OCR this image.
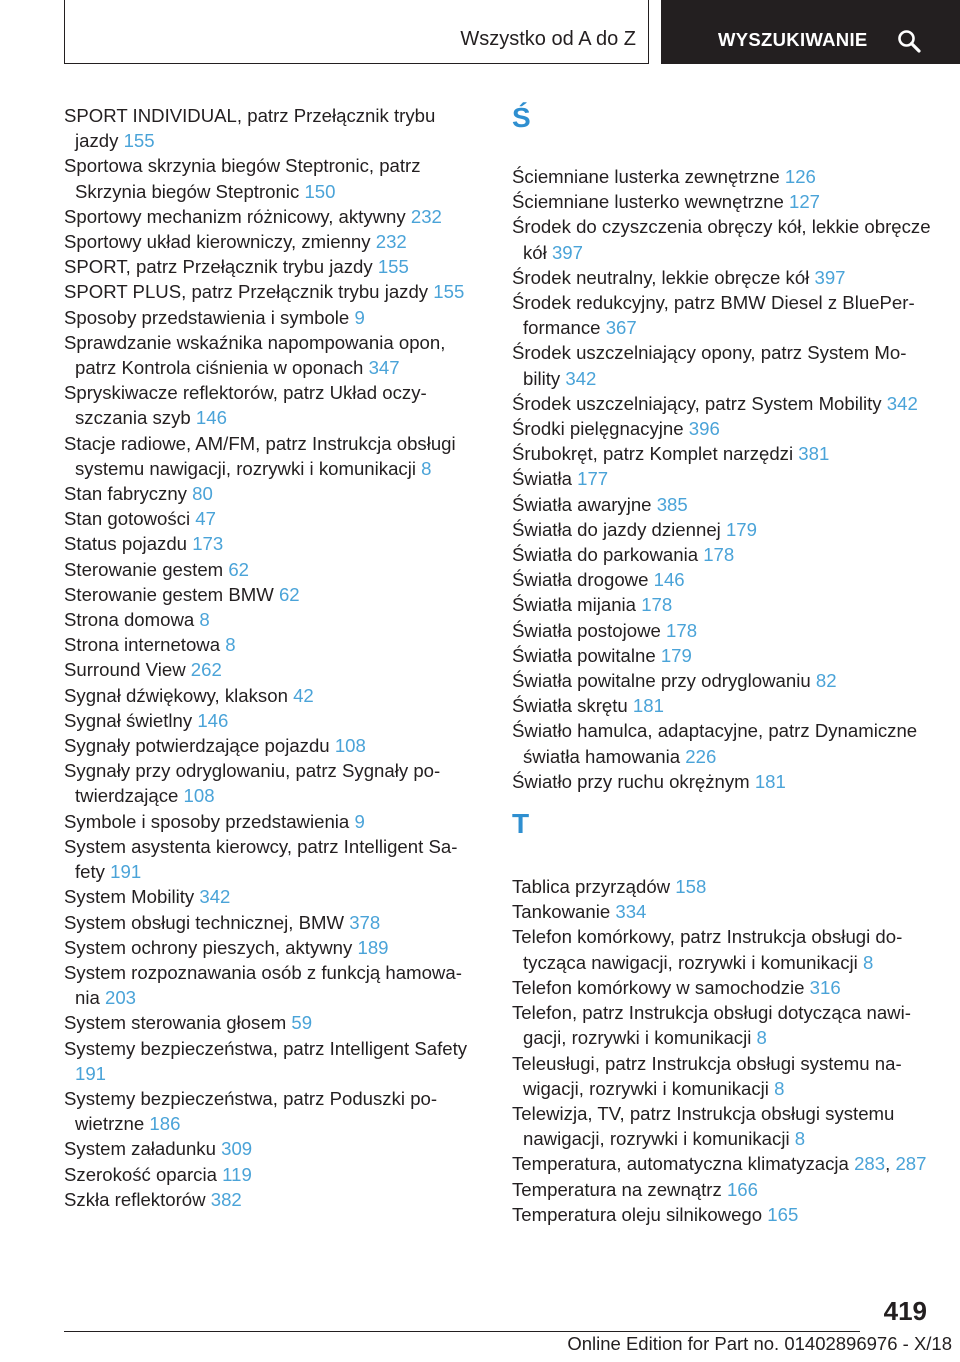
Wszystko od A do Z	WYSZUKIWANIE
SPORT INDIVIDUAL, patrz Przełącznik trybu jazdy 155
Sportowa skrzynia biegów Steptronic, patrz Skrzynia biegów Steptronic 150
Sportowy mechanizm różnicowy, aktywny 232
Sportowy układ kierowniczy, zmienny 232
SPORT, patrz Przełącznik trybu jazdy 155
SPORT PLUS, patrz Przełącznik trybu jazdy 155
Sposoby przedstawienia i symbole 9
Sprawdzanie wskaźnika napompowania opon, patrz Kontrola ciśnienia w oponach 347
Spryskiwacze reflektorów, patrz Układ oczyszczania szyb 146
Stacje radiowe, AM/FM, patrz Instrukcja obsługi systemu nawigacji, rozrywki i komunikacji 8
Stan fabryczny 80
Stan gotowości 47
Status pojazdu 173
Sterowanie gestem 62
Sterowanie gestem BMW 62
Strona domowa 8
Strona internetowa 8
Surround View 262
Sygnał dźwiękowy, klakson 42
Sygnał świetlny 146
Sygnały potwierdzające pojazdu 108
Sygnały przy odryglowaniu, patrz Sygnały potwierdzające 108
Symbole i sposoby przedstawienia 9
System asystenta kierowcy, patrz Intelligent Safety 191
System Mobility 342
System obsługi technicznej, BMW 378
System ochrony pieszych, aktywny 189
System rozpoznawania osób z funkcją hamowania 203
System sterowania głosem 59
Systemy bezpieczeństwa, patrz Intelligent Safety 191
Systemy bezpieczeństwa, patrz Poduszki powietrzne 186
System załadunku 309
Szerokość oparcia 119
Szkła reflektorów 382
Ś
Ściemniane lusterka zewnętrzne 126
Ściemniane lusterko wewnętrzne 127
Środek do czyszczenia obręczy kół, lekkie obręcze kół 397
Środek neutralny, lekkie obręcze kół 397
Środek redukcyjny, patrz BMW Diesel z BluePerformance 367
Środek uszczelniający opony, patrz System Mobility 342
Środek uszczelniający, patrz System Mobility 342
Środki pielęgnacyjne 396
Śrubokręt, patrz Komplet narzędzi 381
Światła 177
Światła awaryjne 385
Światła do jazdy dziennej 179
Światła do parkowania 178
Światła drogowe 146
Światła mijania 178
Światła postojowe 178
Światła powitalne 179
Światła powitalne przy odryglowaniu 82
Światła skrętu 181
Światło hamulca, adaptacyjne, patrz Dynamiczne światła hamowania 226
Światło przy ruchu okrężnym 181
T
Tablica przyrządów 158
Tankowanie 334
Telefon komórkowy, patrz Instrukcja obsługi dotycząca nawigacji, rozrywki i komunikacji 8
Telefon komórkowy w samochodzie 316
Telefon, patrz Instrukcja obsługi dotycząca nawigacji, rozrywki i komunikacji 8
Teleusługi, patrz Instrukcja obsługi systemu nawigacji, rozrywki i komunikacji 8
Telewizja, TV, patrz Instrukcja obsługi systemu nawigacji, rozrywki i komunikacji 8
Temperatura, automatyczna klimatyzacja 283, 287
Temperatura na zewnątrz 166
Temperatura oleju silnikowego 165
419
Online Edition for Part no. 01402896976 - X/18
